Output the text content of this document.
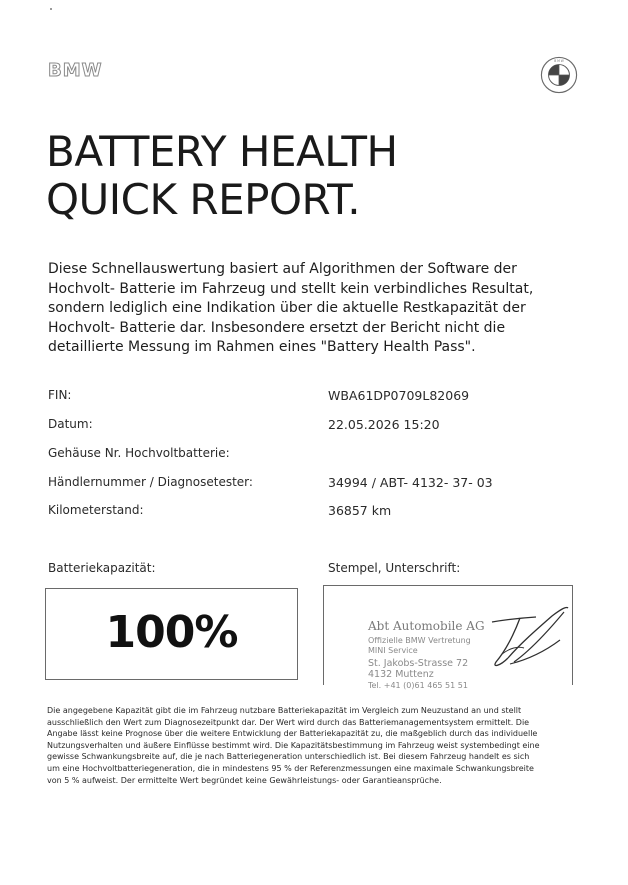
BMW	B M W
BATTERY HEALTH
QUICK REPORT.
Diese Schnellauswertung basiert auf Algorithmen der Software der
Hochvolt- Batterie im Fahrzeug und stellt kein verbindliches Resultat,
sondern lediglich eine Indikation über die aktuelle Restkapazität der
Hochvolt- Batterie dar. Insbesondere ersetzt der Bericht nicht die
detaillierte Messung im Rahmen eines "Battery Health Pass".
FIN:	WBA61DP0709L82069
Datum:	22.05.2026 15:20
Gehäuse Nr. Hochvoltbatterie:
Händlernummer / Diagnosetester:	34994 / ABT- 4132- 37- 03
Kilometerstand:	36857 km
Batteriekapazität:	Stempel, Unterschrift:
100%	Abt Automobile AG
Offizielle BMW Vertretung
MINI Service
St. Jakobs-Strasse 72
4132 Muttenz
Tel. +41 (0)61 465 51 51
Die angegebene Kapazität gibt die im Fahrzeug nutzbare Batteriekapazität im Vergleich zum Neuzustand an und stellt
ausschließlich den Wert zum Diagnosezeitpunkt dar. Der Wert wird durch das Batteriemanagementsystem ermittelt. Die
Angabe lässt keine Prognose über die weitere Entwicklung der Batteriekapazität zu, die maßgeblich durch das individuelle
Nutzungsverhalten und äußere Einflüsse bestimmt wird. Die Kapazitätsbestimmung im Fahrzeug weist systembedingt eine
gewisse Schwankungsbreite auf, die je nach Batteriegeneration unterschiedlich ist. Bei diesem Fahrzeug handelt es sich
um eine Hochvoltbatteriegeneration, die in mindestens 95 % der Referenzmessungen eine maximale Schwankungsbreite
von 5 % aufweist. Der ermittelte Wert begründet keine Gewährleistungs- oder Garantieansprüche.
